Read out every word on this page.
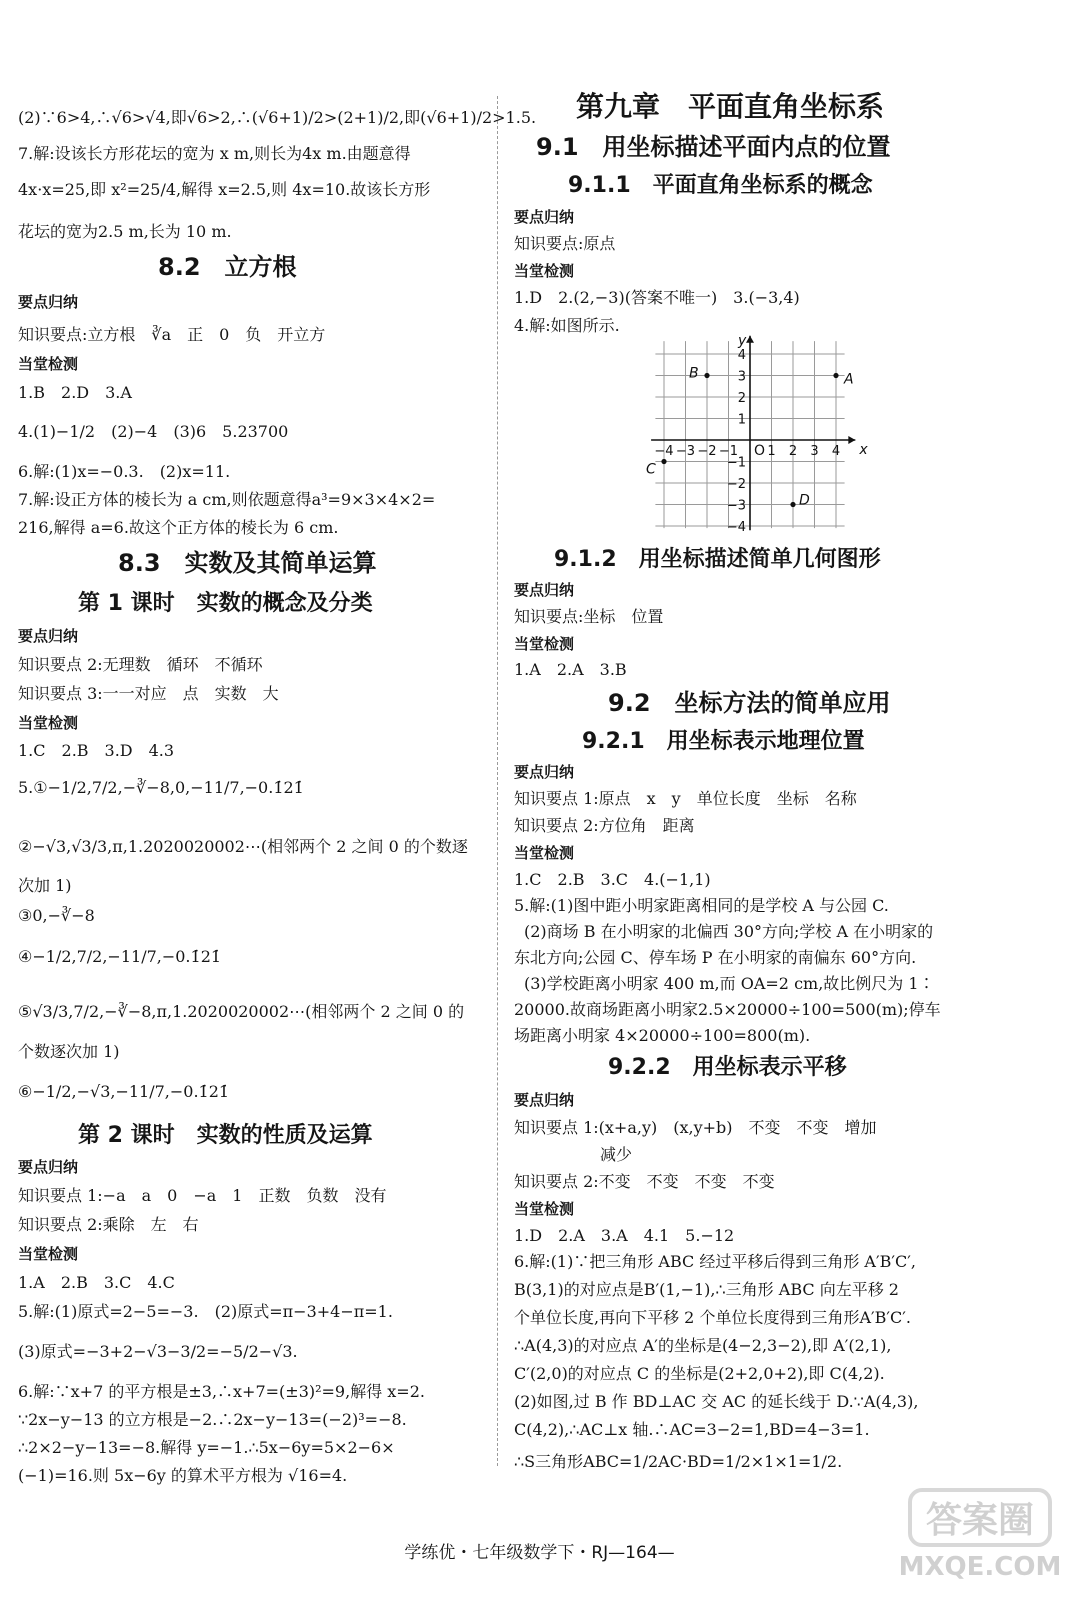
(2)∵6>4,∴√6>√4,即√6>2,∴(√6+1)/2>(2+1)/2,即(√6+1)/2>1.5.
7.解:设该长方形花坛的宽为 x m,则长为4x m.由题意得
4x·x=25,即 x²=25/4,解得 x=2.5,则 4x=10.故该长方形
花坛的宽为2.5 m,长为 10 m.
8.2　立方根
要点归纳
知识要点:立方根　∛a　正　0　负　开立方
当堂检测
1.B　2.D　3.A
4.(1)−1/2　(2)−4　(3)6　5.23700
6.解:(1)x=−0.3.　(2)x=11.
7.解:设正方体的棱长为 a cm,则依题意得a³=9×3×4×2=
216,解得 a=6.故这个正方体的棱长为 6 cm.
8.3　实数及其简单运算
第 1 课时　实数的概念及分类
要点归纳
知识要点 2:无理数　循环　不循环
知识要点 3:一一对应　点　实数　大
当堂检测
1.C　2.B　3.D　4.3
5.①−1/2,7/2,−∛−8,0,−11/7,−0.1̇21̇
②−√3,√3/3,π,1.2020020002⋯(相邻两个 2 之间 0 的个数逐
次加 1)
③0,−∛−8
④−1/2,7/2,−11/7,−0.1̇21̇
⑤√3/3,7/2,−∛−8,π,1.2020020002⋯(相邻两个 2 之间 0 的
个数逐次加 1)
⑥−1/2,−√3,−11/7,−0.1̇21̇
第 2 课时　实数的性质及运算
要点归纳
知识要点 1:−a　a　0　−a　1　正数　负数　没有
知识要点 2:乘除　左　右
当堂检测
1.A　2.B　3.C　4.C
5.解:(1)原式=2−5=−3.　(2)原式=π−3+4−π=1.
(3)原式=−3+2−√3−3/2=−5/2−√3.
6.解:∵x+7 的平方根是±3,∴x+7=(±3)²=9,解得 x=2.
∵2x−y−13 的立方根是−2.∴2x−y−13=(−2)³=−8.
∴2×2−y−13=−8.解得 y=−1.∴5x−6y=5×2−6×
(−1)=16.则 5x−6y 的算术平方根为 √16=4.
第九章　平面直角坐标系
9.1　用坐标描述平面内点的位置
9.1.1　平面直角坐标系的概念
要点归纳
知识要点:原点
当堂检测
1.D　2.(2,−3)(答案不唯一)　3.(−3,4)
4.解:如图所示.
9.1.2　用坐标描述简单几何图形
要点归纳
知识要点:坐标　位置
当堂检测
1.A　2.A　3.B
9.2　坐标方法的简单应用
9.2.1　用坐标表示地理位置
要点归纳
知识要点 1:原点　x　y　单位长度　坐标　名称
知识要点 2:方位角　距离
当堂检测
1.C　2.B　3.C　4.(−1,1)
5.解:(1)图中距小明家距离相同的是学校 A 与公园 C.
(2)商场 B 在小明家的北偏西 30°方向;学校 A 在小明家的
东北方向;公园 C、停车场 P 在小明家的南偏东 60°方向.
(3)学校距离小明家 400 m,而 OA=2 cm,故比例尺为 1∶
20000.故商场距离小明家2.5×20000÷100=500(m);停车
场距离小明家 4×20000÷100=800(m).
9.2.2　用坐标表示平移
要点归纳
知识要点 1:(x+a,y)　(x,y+b)　不变　不变　增加
减少
知识要点 2:不变　不变　不变　不变
当堂检测
1.D　2.A　3.A　4.1　5.−12
6.解:(1)∵把三角形 ABC 经过平移后得到三角形 A′B′C′,
B(3,1)的对应点是B′(1,−1),∴三角形 ABC 向左平移 2
个单位长度,再向下平移 2 个单位长度得到三角形A′B′C′.
∴A(4,3)的对应点 A′的坐标是(4−2,3−2),即 A′(2,1),
C′(2,0)的对应点 C 的坐标是(2+2,0+2),即 C(4,2).
(2)如图,过 B 作 BD⊥AC 交 AC 的延长线于 D.∵A(4,3),
C(4,2),∴AC⊥x 轴.∴AC=3−2=1,BD=4−3=1.
∴S三角形ABC=1/2AC·BD=1/2×1×1=1/2.
x
y
O
−4 −3 −2 −1 1 2 3 4
4
3
2
1
−1
−2
−3
−4
A
B
C
D
学练优・七年级数学下・RJ—164—
答案圈
MXQE.COM
